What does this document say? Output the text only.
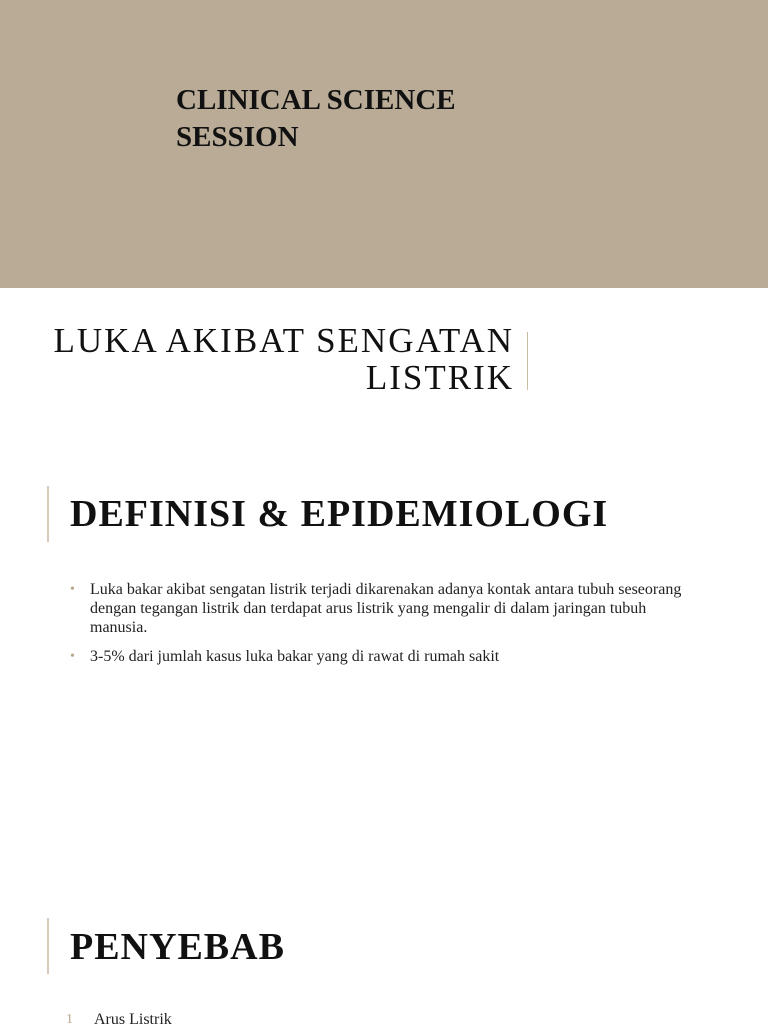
CLINICAL SCIENCE SESSION
LUKA AKIBAT SENGATAN LISTRIK
DEFINISI & EPIDEMIOLOGI
• Luka bakar akibat sengatan listrik terjadi dikarenakan adanya kontak antara tubuh seseorang dengan tegangan listrik dan terdapat arus listrik yang mengalir di dalam jaringan tubuh manusia.
• 3-5% dari jumlah kasus luka bakar yang di rawat di rumah sakit
PENYEBAB
1 Arus Listrik
